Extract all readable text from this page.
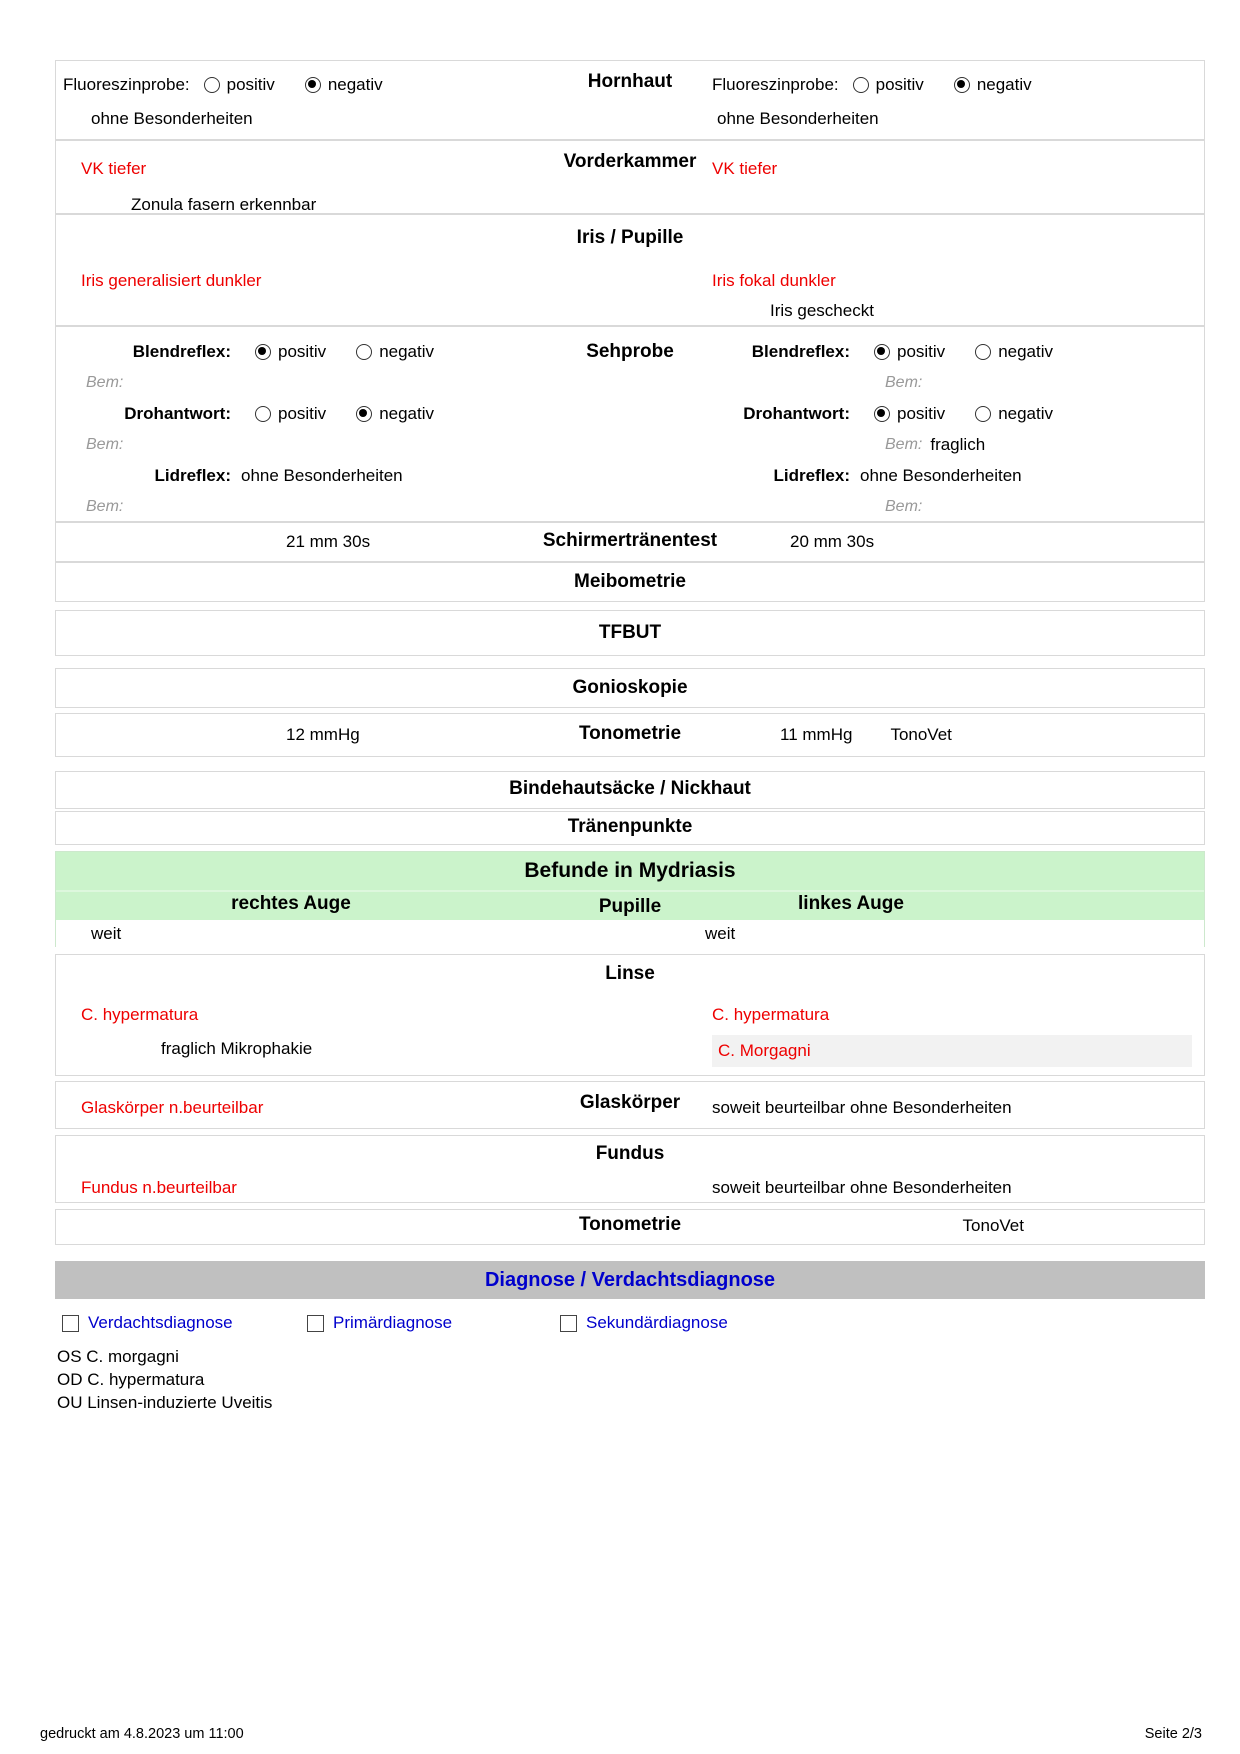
Hornhaut
Fluoreszinprobe: positiv	negativ
ohne Besonderheiten
Fluoreszinprobe: positiv	negativ
ohne Besonderheiten
Vorderkammer
VK tiefer
Zonula fasern erkennbar
VK tiefer
Iris / Pupille
Iris generalisiert dunkler	Iris fokal dunkler
Iris gescheckt
Sehprobe
Blendreflex:	positiv	negativ
Bem:
Drohantwort:	positiv	negativ
Bem:
Lidreflex: ohne Besonderheiten
Bem:
Blendreflex:	positiv	negativ
Bem:
Drohantwort:	positiv	negativ
Bem: fraglich
Lidreflex: ohne Besonderheiten
Bem:
Schirmertränentest
21 mm 30s	20 mm 30s
Meibometrie
TFBUT
Gonioskopie
Tonometrie
12 mmHg	11 mmHg TonoVet
Bindehautsäcke / Nickhaut
Tränenpunkte
Befunde in Mydriasis
rechtes Auge	linkes Auge
Pupille
weit	weit
Linse
C. hypermatura	C. hypermatura
fraglich Mikrophakie	C. Morgagni
Glaskörper
Glaskörper n.beurteilbar	soweit beurteilbar ohne Besonderheiten
Fundus
Fundus n.beurteilbar	soweit beurteilbar ohne Besonderheiten
Tonometrie	TonoVet
Diagnose / Verdachtsdiagnose
Verdachtsdiagnose	Primärdiagnose	Sekundärdiagnose
OS C. morgagni
OD C. hypermatura
OU Linsen-induzierte Uveitis
gedruckt am 4.8.2023 um 11:00	Seite 2/3
